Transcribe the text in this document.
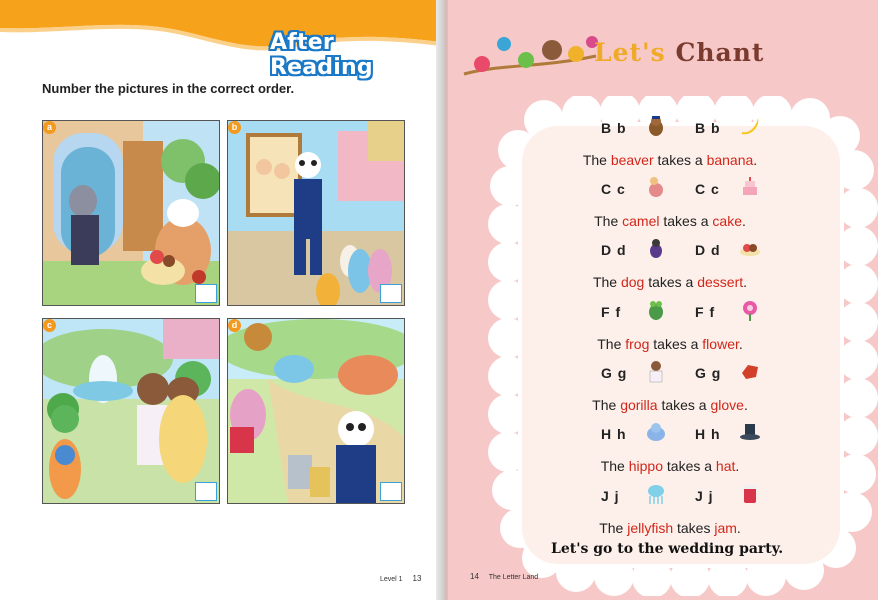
After Reading
Number the pictures in the correct order.
a	b
c	d
Level 1 13
Let's Chant
B b	B b
The beaver takes a banana.
C c	C c
The camel takes a cake.
D d	D d
The dog takes a dessert.
F f	F f
The frog takes a flower.
G g	G g
The gorilla takes a glove.
H h	H h
The hippo takes a hat.
J j	J j
The jellyfish takes jam.
Let's go to the wedding party.
14 The Letter Land
